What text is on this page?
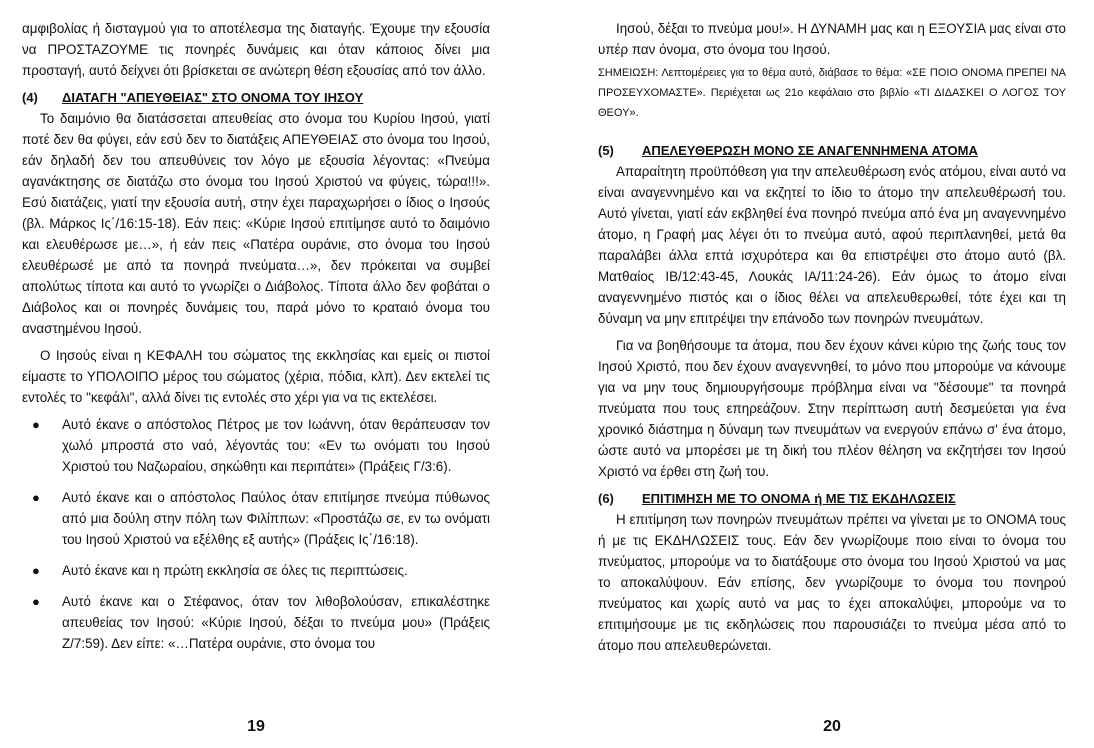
αμφιβολίας ή δισταγμού για το αποτέλεσμα της διαταγής. Έχουμε την εξουσία να ΠΡΟΣΤΑΖΟΥΜΕ τις πονηρές δυνάμεις και όταν κάποιος δίνει μια προσταγή, αυτό δείχνει ότι βρίσκεται σε ανώτερη θέση εξουσίας από τον άλλο.

(4)	ΔΙΑΤΑΓΗ "ΑΠΕΥΘΕΙΑΣ" ΣΤΟ ΟΝΟΜΑ ΤΟΥ ΙΗΣΟΥ

Το δαιμόνιο θα διατάσσεται απευθείας στο όνομα του Κυρίου Ιησού, γιατί ποτέ δεν θα φύγει, εάν εσύ δεν το διατάξεις ΑΠΕΥΘΕΙΑΣ στο όνομα του Ιησού, εάν δηλαδή δεν του απευθύνεις τον λόγο με εξουσία λέγοντας: «Πνεύμα αγανάκτησης σε διατάζω στο όνομα του Ιησού Χριστού να φύγεις, τώρα!!!». Εσύ διατάζεις, γιατί την εξουσία αυτή, στην έχει παραχωρήσει ο ίδιος ο Ιησούς (βλ. Μάρκος Ις΄/16:15-18). Εάν πεις: «Κύριε Ιησού επιτίμησε αυτό το δαιμόνιο και ελευθέρωσε με…», ή εάν πεις «Πατέρα ουράνιε, στο όνομα του Ιησού ελευθέρωσέ με από τα πονηρά πνεύματα…», δεν πρόκειται να συμβεί απολύτως τίποτα και αυτό το γνωρίζει ο Διάβολος. Τίποτα άλλο δεν φοβάται ο Διάβολος και οι πονηρές δυνάμεις του, παρά μόνο το κραταιό όνομα του αναστημένου Ιησού.

Ο Ιησούς είναι η ΚΕΦΑΛΗ του σώματος της εκκλησίας και εμείς οι πιστοί είμαστε το ΥΠΟΛΟΙΠΟ μέρος του σώματος (χέρια, πόδια, κλπ). Δεν εκτελεί τις εντολές το "κεφάλι", αλλά δίνει τις εντολές στο χέρι για να τις εκτελέσει.

● Αυτό έκανε ο απόστολος Πέτρος με τον Ιωάννη, όταν θεράπευσαν τον χωλό μπροστά στο ναό, λέγοντάς του: «Εν τω ονόματι του Ιησού Χριστού του Ναζωραίου, σηκώθητι και περιπάτει» (Πράξεις Γ/3:6).

● Αυτό έκανε και ο απόστολος Παύλος όταν επιτίμησε πνεύμα πύθωνος από μια δούλη στην πόλη των Φιλίππων: «Προστάζω σε, εν τω ονόματι του Ιησού Χριστού να εξέλθης εξ αυτής» (Πράξεις Ις΄/16:18).

● Αυτό έκανε και η πρώτη εκκλησία σε όλες τις περιπτώσεις.

● Αυτό έκανε και ο Στέφανος, όταν τον λιθοβολούσαν, επικαλέστηκε απευθείας τον Ιησού: «Κύριε Ιησού, δέξαι το πνεύμα μου» (Πράξεις Ζ/7:59). Δεν είπε: «…Πατέρα ουράνιε, στο όνομα του

19

Ιησού, δέξαι το πνεύμα μου!». Η ΔΥΝΑΜΗ μας και η ΕΞΟΥΣΙΑ μας είναι στο υπέρ παν όνομα, στο όνομα του Ιησού.

ΣΗΜΕΙΩΣΗ: Λεπτομέρειες για το θέμα αυτό, διάβασε το θέμα: «ΣΕ ΠΟΙΟ ΟΝΟΜΑ ΠΡΕΠΕΙ ΝΑ ΠΡΟΣΕΥΧΟΜΑΣΤΕ». Περιέχεται ως 21ο κεφάλαιο στο βιβλίο «ΤΙ ΔΙΔΑΣΚΕΙ Ο ΛΟΓΟΣ ΤΟΥ ΘΕΟΥ».

(5)	ΑΠΕΛΕΥΘΕΡΩΣΗ ΜΟΝΟ ΣΕ ΑΝΑΓΕΝΝΗΜΕΝΑ ΑΤΟΜΑ

Απαραίτητη προϋπόθεση για την απελευθέρωση ενός ατόμου, είναι αυτό να είναι αναγεννημένο και να εκζητεί το ίδιο το άτομο την απελευθέρωσή του. Αυτό γίνεται, γιατί εάν εκβληθεί ένα πονηρό πνεύμα από ένα μη αναγεννημένο άτομο, η Γραφή μας λέγει ότι το πνεύμα αυτό, αφού περιπλανηθεί, μετά θα παραλάβει άλλα επτά ισχυρότερα και θα επιστρέψει στο άτομο αυτό (βλ. Ματθαίος ΙΒ/12:43-45, Λουκάς ΙΑ/11:24-26). Εάν όμως το άτομο είναι αναγεννημένο πιστός και ο ίδιος θέλει να απελευθερωθεί, τότε έχει και τη δύναμη να μην επιτρέψει την επάνοδο των πονηρών πνευμάτων.

Για να βοηθήσουμε τα άτομα, που δεν έχουν κάνει κύριο της ζωής τους τον Ιησού Χριστό, που δεν έχουν αναγεννηθεί, το μόνο που μπορούμε να κάνουμε για να μην τους δημιουργήσουμε πρόβλημα είναι να "δέσουμε" τα πονηρά πνεύματα που τους επηρεάζουν. Στην περίπτωση αυτή δεσμεύεται για ένα χρονικό διάστημα η δύναμη των πνευμάτων να ενεργούν επάνω σ' ένα άτομο, ώστε αυτό να μπορέσει με τη δική του πλέον θέληση να εκζητήσει τον Ιησού Χριστό να έρθει στη ζωή του.

(6)	ΕΠΙΤΙΜΗΣΗ ΜΕ ΤΟ ΟΝΟΜΑ ή ΜΕ ΤΙΣ ΕΚΔΗΛΩΣΕΙΣ

Η επιτίμηση των πονηρών πνευμάτων πρέπει να γίνεται με το ΟΝΟΜΑ τους ή με τις ΕΚΔΗΛΩΣΕΙΣ τους. Εάν δεν γνωρίζουμε ποιο είναι το όνομα του πνεύματος, μπορούμε να το διατάξουμε στο όνομα του Ιησού Χριστού να μας το αποκαλύψουν. Εάν επίσης, δεν γνωρίζουμε το όνομα του πονηρού πνεύματος και χωρίς αυτό να μας το έχει αποκαλύψει, μπορούμε να το επιτιμήσουμε με τις εκδηλώσεις που παρουσιάζει το πνεύμα μέσα από το άτομο που απελευθερώνεται.

20
